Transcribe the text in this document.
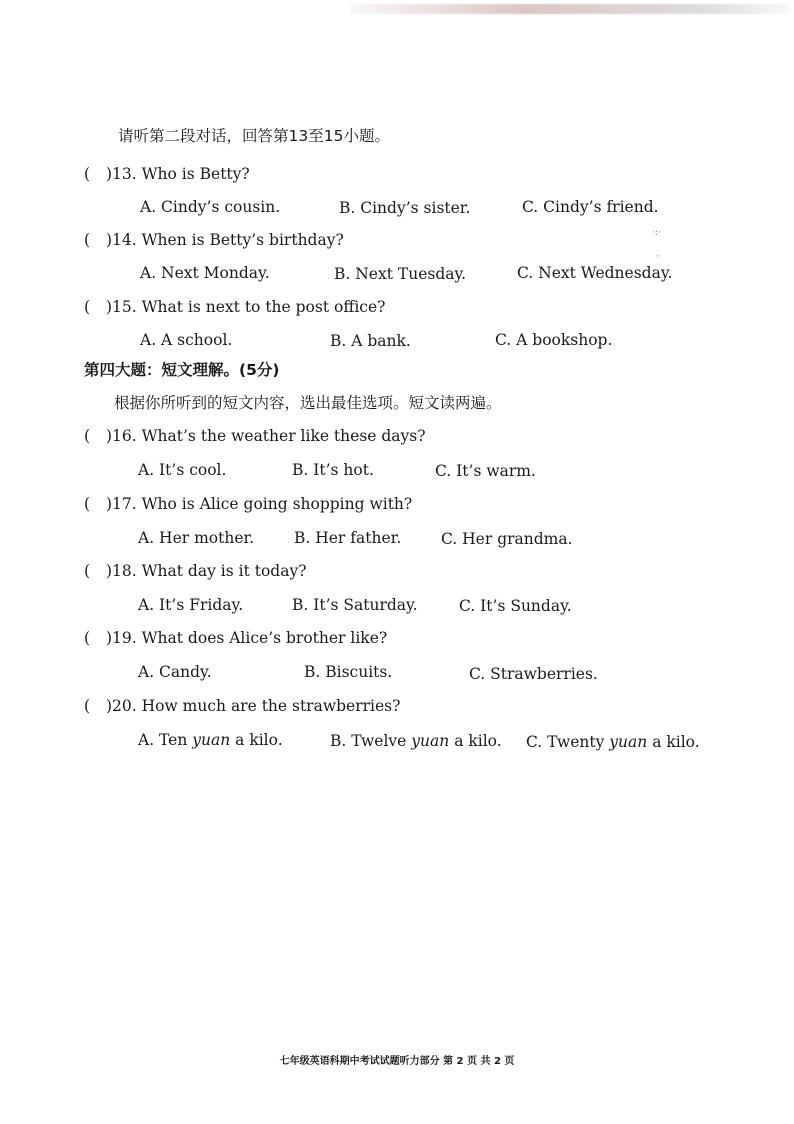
请听第二段对话，回答第13至15小题。
( )13. Who is Betty?
A. Cindy’s cousin.	B. Cindy’s sister.	C. Cindy’s friend.
( )14. When is Betty’s birthday?
A. Next Monday.	B. Next Tuesday.	C. Next Wednesday.
( )15. What is next to the post office?
A. A school.	B. A bank.	C. A bookshop.
第四大题：短文理解。(5分)
根据你所听到的短文内容，选出最佳选项。短文读两遍。
( )16. What’s the weather like these days?
A. It’s cool.	B. It’s hot.	C. It’s warm.
( )17. Who is Alice going shopping with?
A. Her mother.	B. Her father.	C. Her grandma.
( )18. What day is it today?
A. It’s Friday.	B. It’s Saturday.	C. It’s Sunday.
( )19. What does Alice’s brother like?
A. Candy.	B. Biscuits.	C. Strawberries.
( )20. How much are the strawberries?
A. Ten yuan a kilo.	B. Twelve yuan a kilo. C. Twenty yuan a kilo.
·:·
·
七年级英语科期中考试试题听力部分 第 2 页 共 2 页
